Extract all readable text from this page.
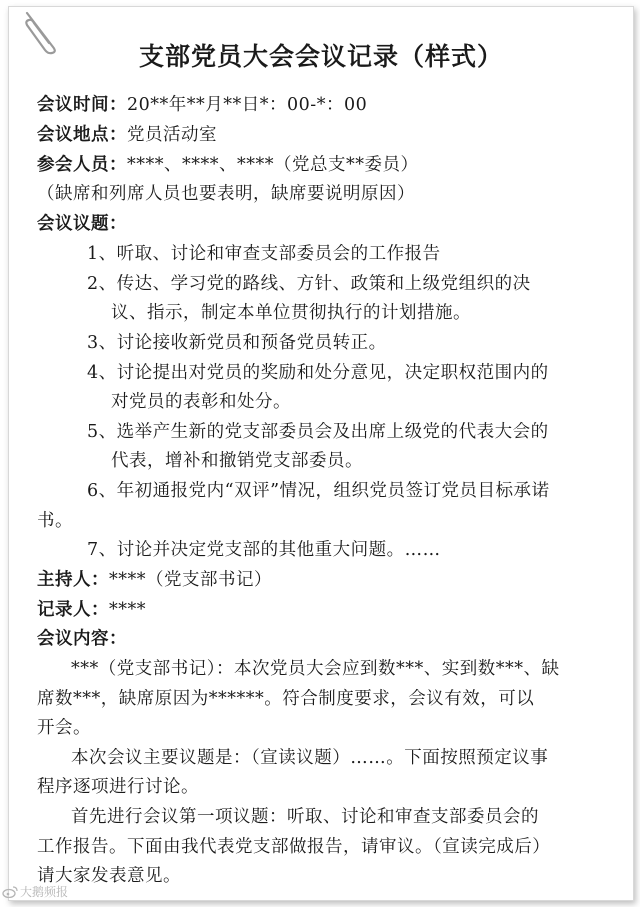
支部党员大会会议记录（样式）
会议时间：20**年**月**日*：00-*：00
会议地点：党员活动室
参会人员：****、****、****（党总支**委员）
（缺席和列席人员也要表明，缺席要说明原因）
会议议题：
1、听取、讨论和审查支部委员会的工作报告
2、传达、学习党的路线、方针、政策和上级党组织的决
议、指示，制定本单位贯彻执行的计划措施。
3、讨论接收新党员和预备党员转正。
4、讨论提出对党员的奖励和处分意见，决定职权范围内的
对党员的表彰和处分。
5、选举产生新的党支部委员会及出席上级党的代表大会的
代表，增补和撤销党支部委员。
6、年初通报党内“双评”情况，组织党员签订党员目标承诺
书。
7、讨论并决定党支部的其他重大问题。……
主持人：****（党支部书记）
记录人：****
会议内容：
***（党支部书记）：本次党员大会应到数***、实到数***、缺
席数***，缺席原因为******。符合制度要求，会议有效，可以
开会。
本次会议主要议题是：（宣读议题）……。下面按照预定议事
程序逐项进行讨论。
首先进行会议第一项议题：听取、讨论和审查支部委员会的
工作报告。下面由我代表党支部做报告，请审议。（宣读完成后）
请大家发表意见。
大鹅频报
